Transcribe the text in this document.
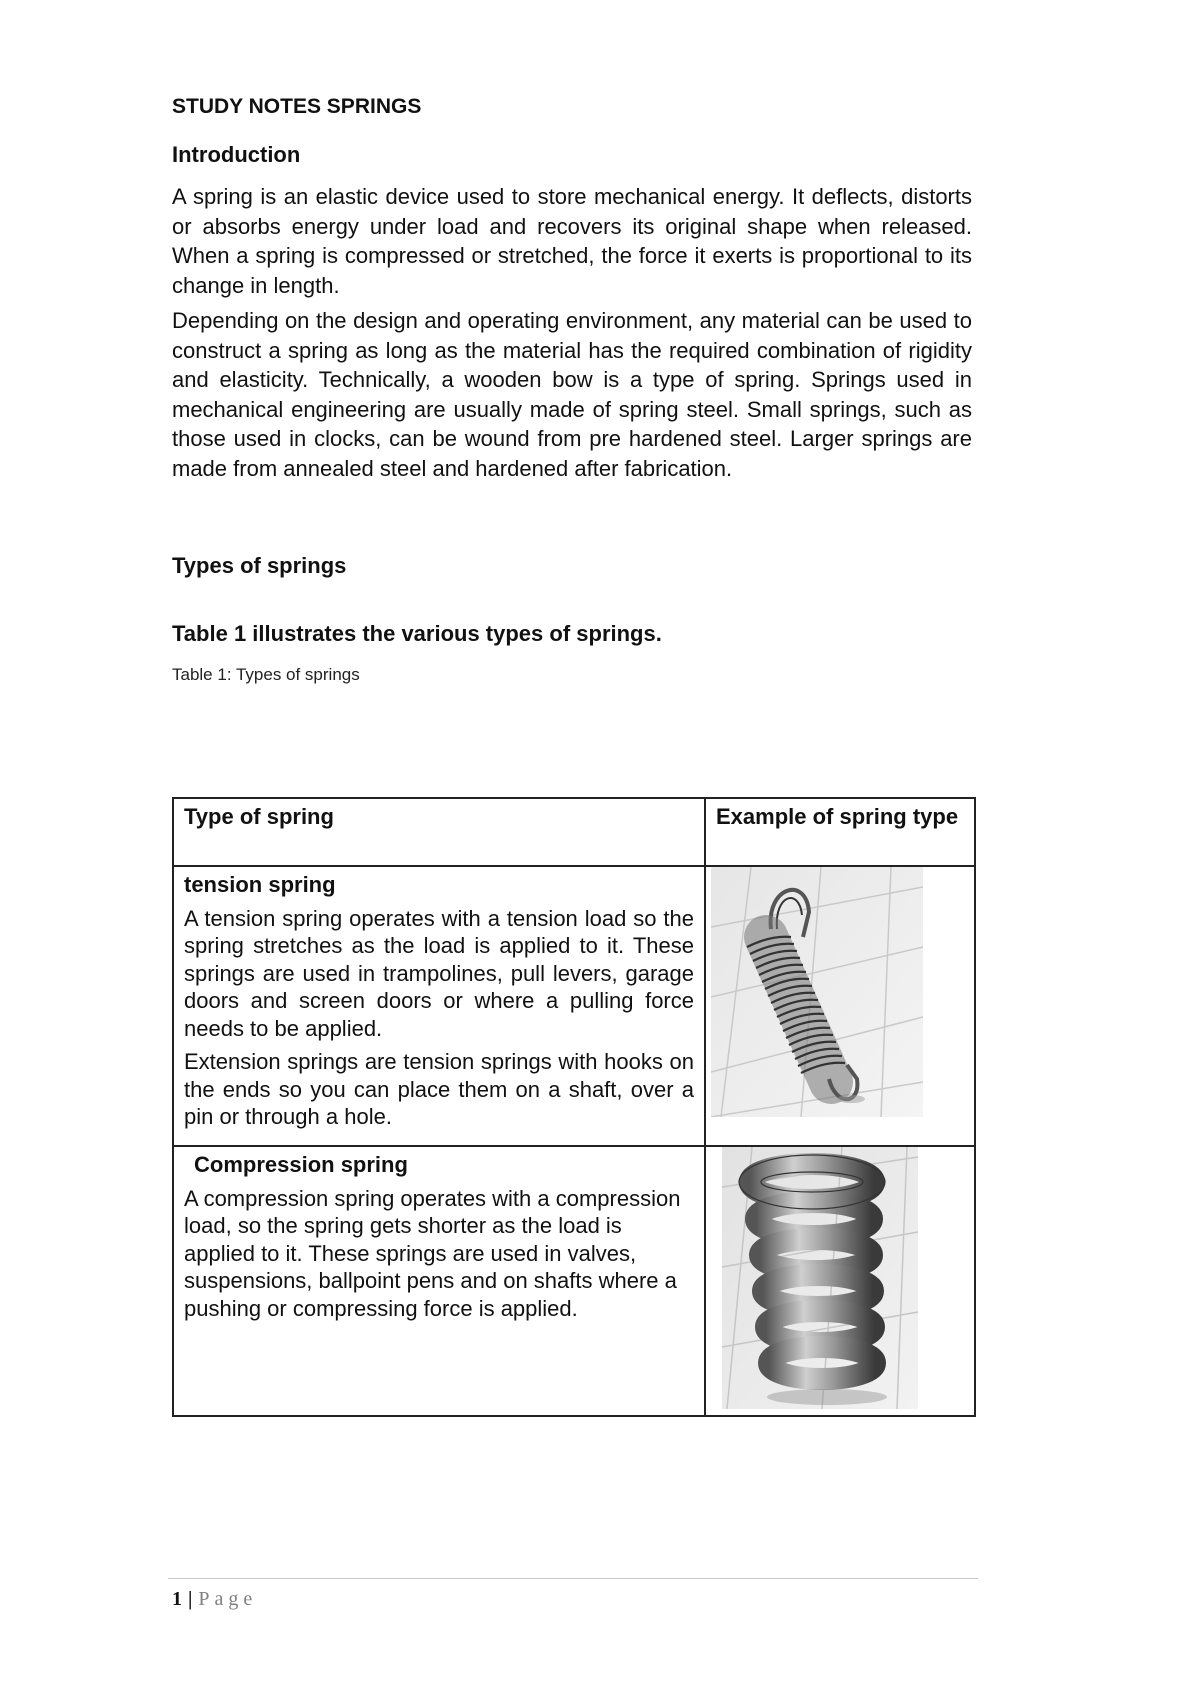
STUDY NOTES SPRINGS
Introduction

A spring is an elastic device used to store mechanical energy. It deflects, distorts or absorbs energy under load and recovers its original shape when released. When a spring is compressed or stretched, the force it exerts is proportional to its change in length.

Depending on the design and operating environment, any material can be used to construct a spring as long as the material has the required combination of rigidity and elasticity. Technically, a wooden bow is a type of spring. Springs used in mechanical engineering are usually made of spring steel. Small springs, such as those used in clocks, can be wound from pre hardened steel. Larger springs are made from annealed steel and hardened after fabrication.

Types of springs
Table 1 illustrates the various types of springs.
Table 1: Types of springs
Type of spring	Example of spring type

tension spring
A tension spring operates with a tension load so the spring stretches as the load is applied to it. These springs are used in trampolines, pull levers, garage doors and screen doors or where a pulling force needs to be applied.
Extension springs are tension springs with hooks on the ends so you can place them on a shaft, over a pin or through a hole.

Compression spring
A compression spring operates with a compression load, so the spring gets shorter as the load is applied to it. These springs are used in valves, suspensions, ballpoint pens and on shafts where a pushing or compressing force is applied.

1 | Page
